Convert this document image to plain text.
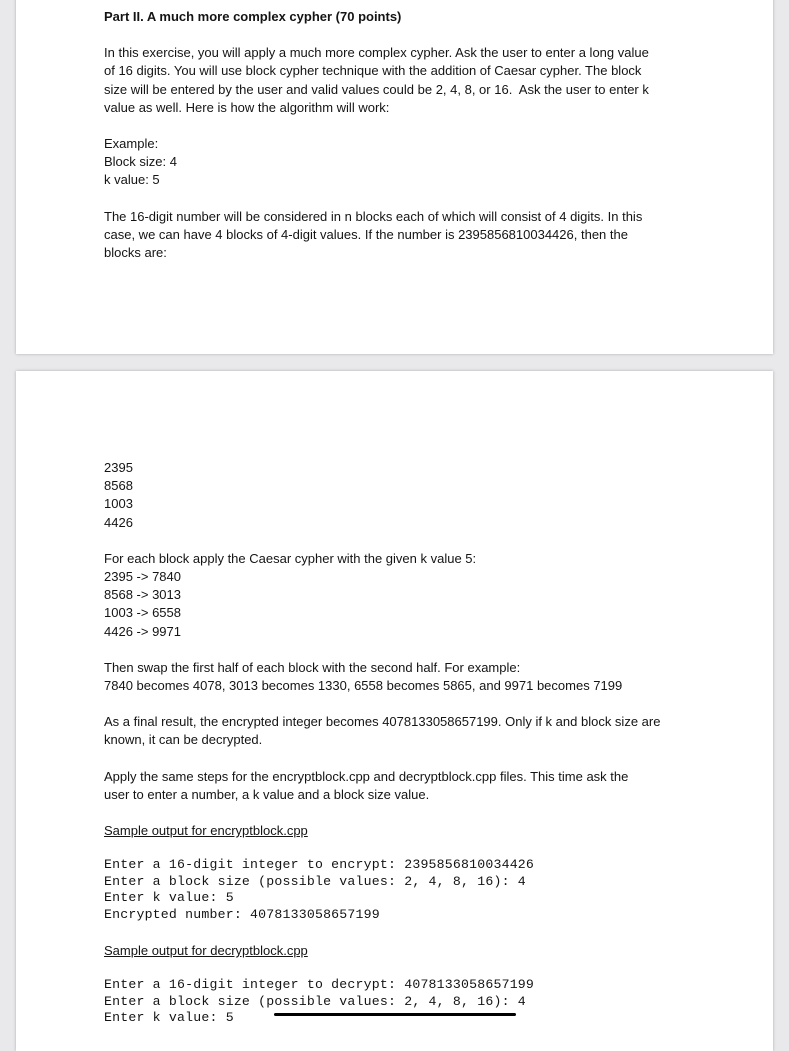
Part II. A much more complex cypher (70 points)

In this exercise, you will apply a much more complex cypher. Ask the user to enter a long value

of 16 digits. You will use block cypher technique with the addition of Caesar cypher. The block

size will be entered by the user and valid values could be 2, 4, 8, or 16.  Ask the user to enter k

value as well. Here is how the algorithm will work:

Example:

Block size: 4

k value: 5

The 16-digit number will be considered in n blocks each of which will consist of 4 digits. In this

case, we can have 4 blocks of 4-digit values. If the number is 2395856810034426, then the

blocks are:

2395

8568

1003

4426

For each block apply the Caesar cypher with the given k value 5:

2395 -> 7840

8568 -> 3013

1003 -> 6558

4426 -> 9971

Then swap the first half of each block with the second half. For example:

7840 becomes 4078, 3013 becomes 1330, 6558 becomes 5865, and 9971 becomes 7199

As a final result, the encrypted integer becomes 4078133058657199. Only if k and block size are

known, it can be decrypted.

Apply the same steps for the encryptblock.cpp and decryptblock.cpp files. This time ask the

user to enter a number, a k value and a block size value.

Sample output for encryptblock.cpp

Enter a 16-digit integer to encrypt: 2395856810034426

Enter a block size (possible values: 2, 4, 8, 16): 4

Enter k value: 5

Encrypted number: 4078133058657199

Sample output for decryptblock.cpp

Enter a 16-digit integer to decrypt: 4078133058657199

Enter a block size (possible values: 2, 4, 8, 16): 4

Enter k value: 5
